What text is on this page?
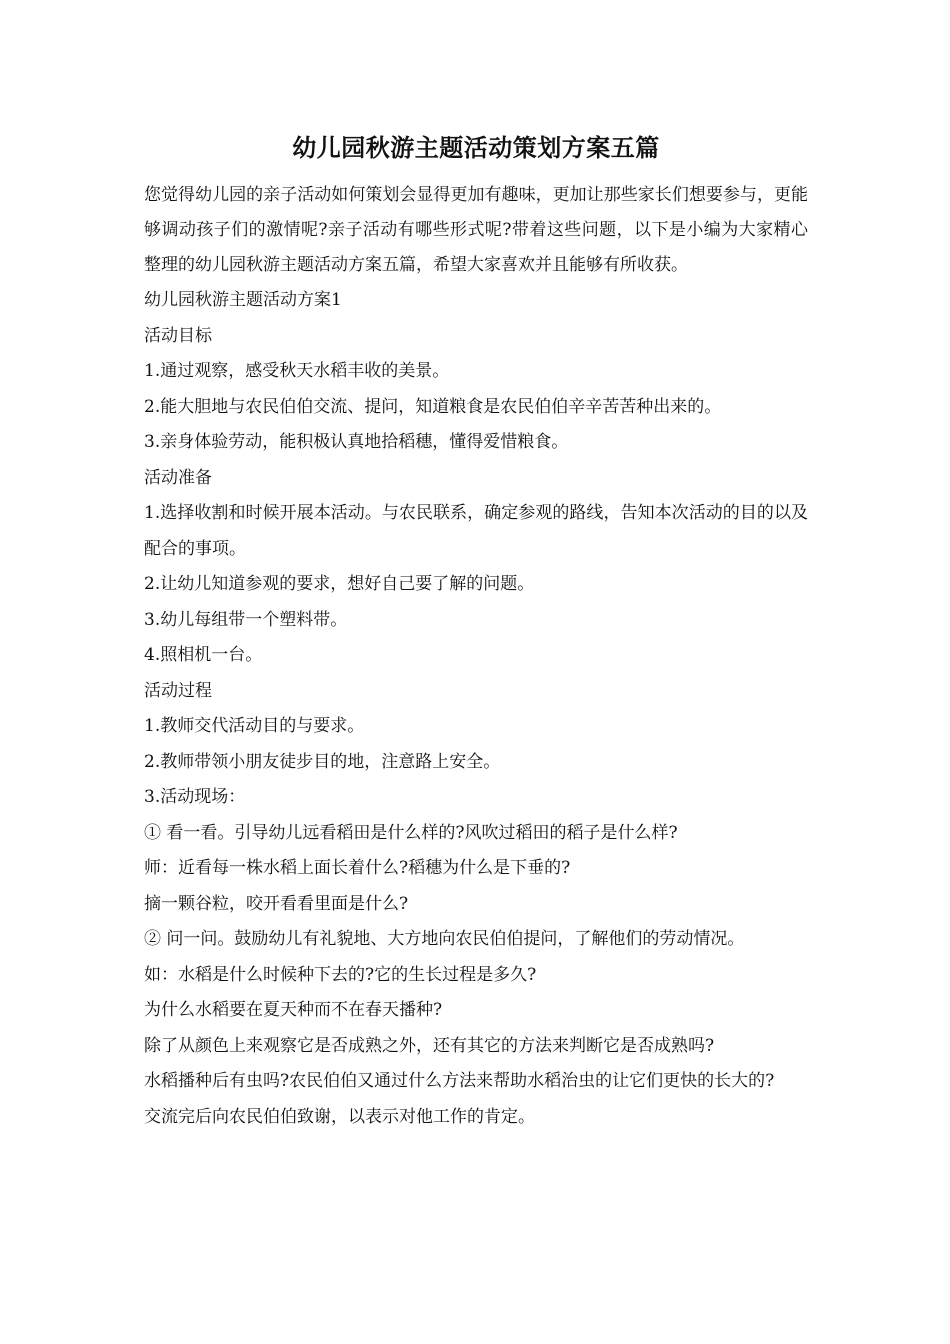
幼儿园秋游主题活动策划方案五篇

您觉得幼儿园的亲子活动如何策划会显得更加有趣味，更加让那些家长们想要参与，更能够调动孩子们的激情呢?亲子活动有哪些形式呢?带着这些问题，以下是小编为大家精心整理的幼儿园秋游主题活动方案五篇，希望大家喜欢并且能够有所收获。

幼儿园秋游主题活动方案1

活动目标

1.通过观察，感受秋天水稻丰收的美景。

2.能大胆地与农民伯伯交流、提问，知道粮食是农民伯伯辛辛苦苦种出来的。

3.亲身体验劳动，能积极认真地拾稻穗，懂得爱惜粮食。

活动准备

1.选择收割和时候开展本活动。与农民联系，确定参观的路线，告知本次活动的目的以及配合的事项。

2.让幼儿知道参观的要求，想好自己要了解的问题。

3.幼儿每组带一个塑料带。

4.照相机一台。

活动过程

1.教师交代活动目的与要求。

2.教师带领小朋友徒步目的地，注意路上安全。

3.活动现场：

① 看一看。引导幼儿远看稻田是什么样的?风吹过稻田的稻子是什么样?

师：近看每一株水稻上面长着什么?稻穗为什么是下垂的?

摘一颗谷粒，咬开看看里面是什么?

② 问一问。鼓励幼儿有礼貌地、大方地向农民伯伯提问，了解他们的劳动情况。

如：水稻是什么时候种下去的?它的生长过程是多久?

为什么水稻要在夏天种而不在春天播种?

除了从颜色上来观察它是否成熟之外，还有其它的方法来判断它是否成熟吗?

水稻播种后有虫吗?农民伯伯又通过什么方法来帮助水稻治虫的让它们更快的长大的?

交流完后向农民伯伯致谢，以表示对他工作的肯定。
